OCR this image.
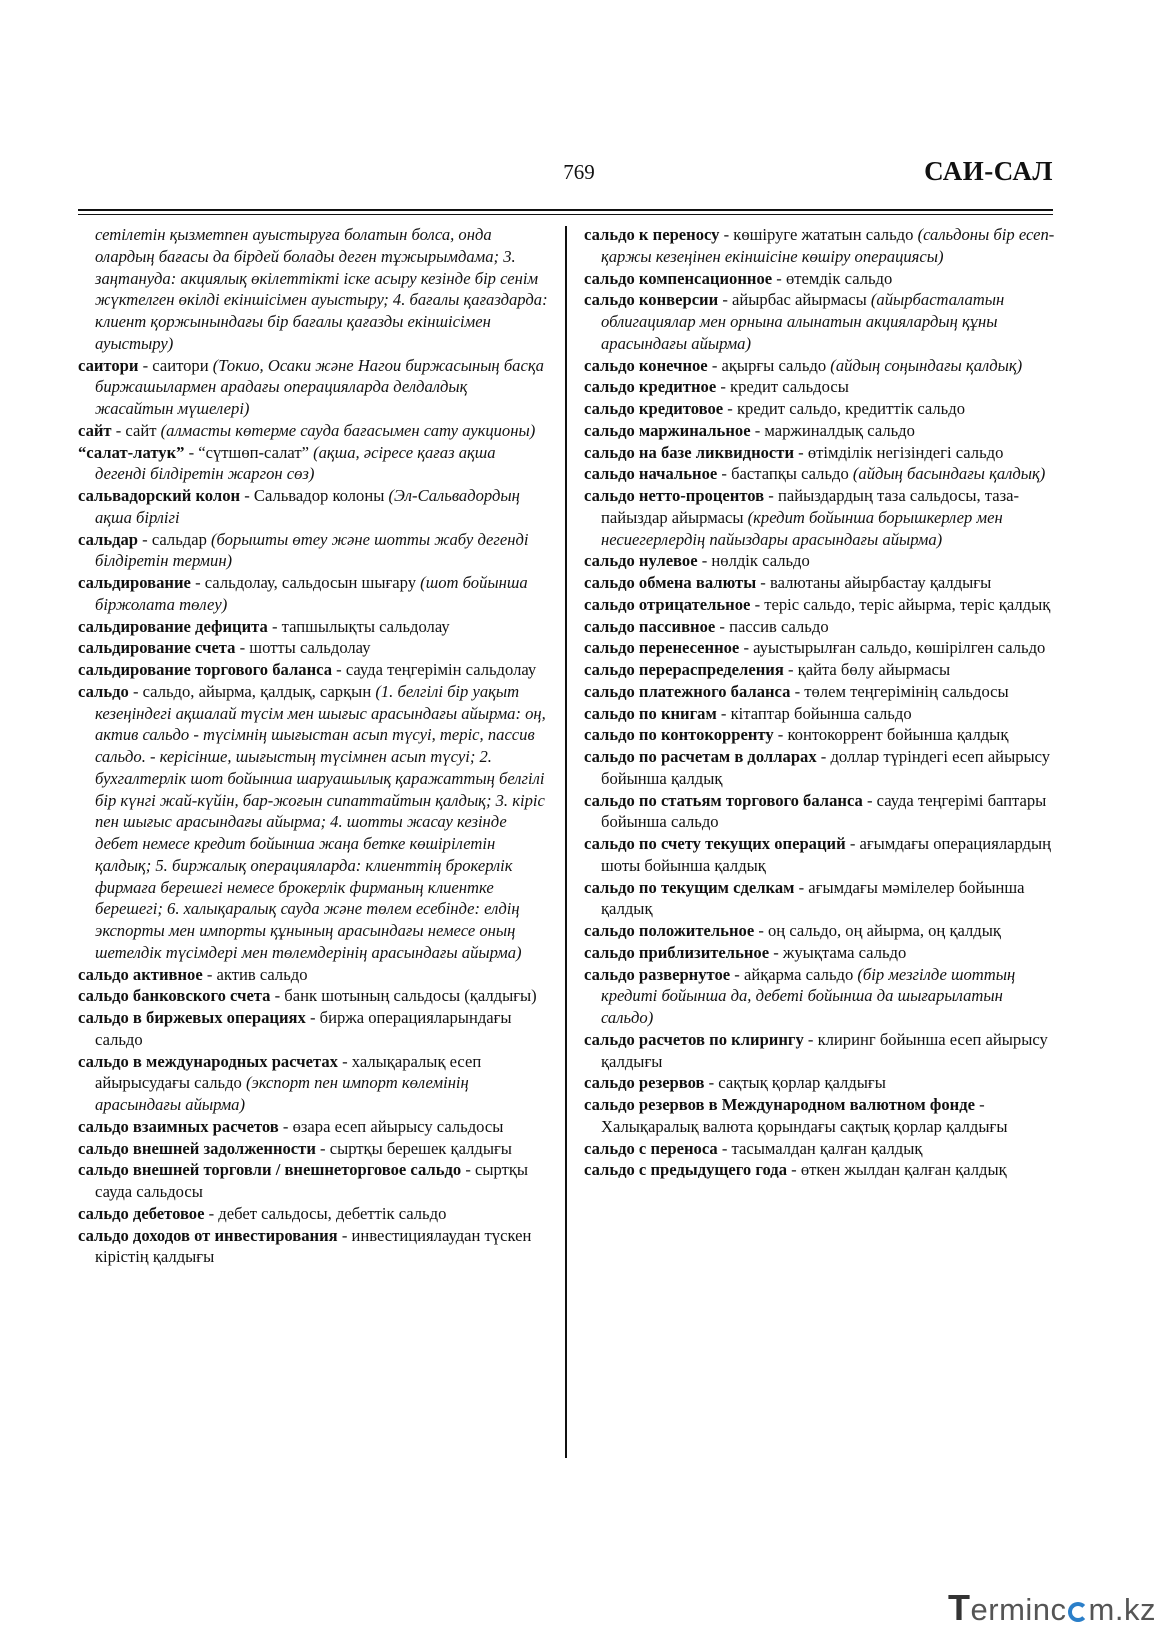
769	САИ-САЛ

сетілетін қызметпен ауыстыруға болатын болса, онда олардың бағасы да бірдей болады деген тұжырымдама; 3. заңтануда: акциялық өкілеттікті іске асыру кезінде бір сенім жүктелген өкілді екіншісімен ауыстыру; 4. бағалы қағаздарда: клиент қоржынындағы бір бағалы қағазды екіншісімен ауыстыру)

саитори - саитори (Токио, Осаки және Нагои биржасының басқа биржашылармен арадағы операцияларда делдалдық жасайтын мүшелері)

сайт - сайт (алмасты көтерме сауда бағасымен сату аукционы)

“салат-латук” - “сүтшөп-салат” (ақша, әсіресе қағаз ақша дегенді білдіретін жаргон сөз)

сальвадорский колон - Сальвадор колоны (Эл-Сальвадордың ақша бірлігі

сальдар - сальдар (борышты өтеу және шотты жабу дегенді білдіретін термин)

сальдирование - сальдолау, сальдосын шығару (шот бойынша біржолата төлеу)

сальдирование дефицита - тапшылықты сальдолау

сальдирование счета - шотты сальдолау

сальдирование торгового баланса - сауда теңгерімін сальдолау

сальдо - сальдо, айырма, қалдық, сарқын (1. белгілі бір уақыт кезеңіндегі ақшалай түсім мен шығыс арасындағы айырма: оң, актив сальдо - түсімнің шығыстан асып түсуі, теріс, пассив сальдо. - керісінше, шығыстың түсімнен асып түсуі; 2. бухгалтерлік шот бойынша шаруашылық қаражаттың белгілі бір күнгі жай-күйін, бар-жоғын сипаттайтын қалдық; 3. кіріс пен шығыс арасындағы айырма; 4. шотты жасау кезінде дебет немесе кредит бойынша жаңа бетке көшірілетін қалдық; 5. биржалық операцияларда: клиенттің брокерлік фирмаға берешегі немесе брокерлік фирманың клиентке берешегі; 6. халықаралық сауда және төлем есебінде: елдің экспорты мен импорты құнының арасындағы немесе оның шетелдік түсімдері мен төлемдерінің арасындағы айырма)

сальдо активное - актив сальдо

сальдо банковского счета - банк шотының сальдосы (қалдығы)

сальдо в биржевых операциях - биржа операцияларындағы сальдо

сальдо в международных расчетах - халықаралық есеп айырысудағы сальдо (экспорт пен импорт көлемінің арасындағы айырма)

сальдо взаимных расчетов - өзара есеп айырысу сальдосы

сальдо внешней задолженности - сыртқы берешек қалдығы

сальдо внешней торговли / внешнеторговое сальдо - сыртқы сауда сальдосы

сальдо дебетовое - дебет сальдосы, дебеттік сальдо

сальдо доходов от инвестирования - инвестициялаудан түскен кірістің қалдығы

сальдо к переносу - көшіруге жататын сальдо (сальдоны бір есеп-қаржы кезеңінен екіншісіне көшіру операциясы)

сальдо компенсационное - өтемдік сальдо

сальдо конверсии - айырбас айырмасы (айырбасталатын облигациялар мен орнына алынатын акциялардың құны арасындағы айырма)

сальдо конечное - ақырғы сальдо (айдың соңындағы қалдық)

сальдо кредитное - кредит сальдосы

сальдо кредитовое - кредит сальдо, кредиттік сальдо

сальдо маржинальное - маржиналдық сальдо

сальдо на базе ликвидности - өтімділік негізіндегі сальдо

сальдо начальное - бастапқы сальдо (айдың басындағы қалдық)

сальдо нетто-процентов - пайыздардың таза сальдосы, таза-пайыздар айырмасы (кредит бойынша борышкерлер мен несиегерлердің пайыздары арасындағы айырма)

сальдо нулевое - нөлдік сальдо

сальдо обмена валюты - валютаны айырбастау қалдығы

сальдо отрицательное - теріс сальдо, теріс айырма, теріс қалдық

сальдо пассивное - пассив сальдо

сальдо перенесенное - ауыстырылған сальдо, көшірілген сальдо

сальдо перераспределения - қайта бөлу айырмасы

сальдо платежного баланса - төлем теңгерімінің сальдосы

сальдо по книгам - кітаптар бойынша сальдо

сальдо по контокорренту - контокоррент бойынша қалдық

сальдо по расчетам в долларах - доллар түріндегі есеп айырысу бойынша қалдық

сальдо по статьям торгового баланса - сауда теңгерімі баптары бойынша сальдо

сальдо по счету текущих операций - ағымдағы операциялардың шоты бойынша қалдық

сальдо по текущим сделкам - ағымдағы мәмілелер бойынша қалдық

сальдо положительное - оң сальдо, оң айырма, оң қалдық

сальдо приблизительное - жуықтама сальдо

сальдо развернутое - айқарма сальдо (бір мезгілде шоттың кредиті бойынша да, дебеті бойынша да шығарылатын сальдо)

сальдо расчетов по клирингу - клиринг бойынша есеп айырысу қалдығы

сальдо резервов - сақтық қорлар қалдығы

сальдо резервов в Международном валютном фонде - Халықаралық валюта қорындағы сақтық қорлар қалдығы

сальдо с переноса - тасымалдан қалған қалдық

сальдо с предыдущего года - өткен жылдан қалған қалдық

Terminc m.kz
